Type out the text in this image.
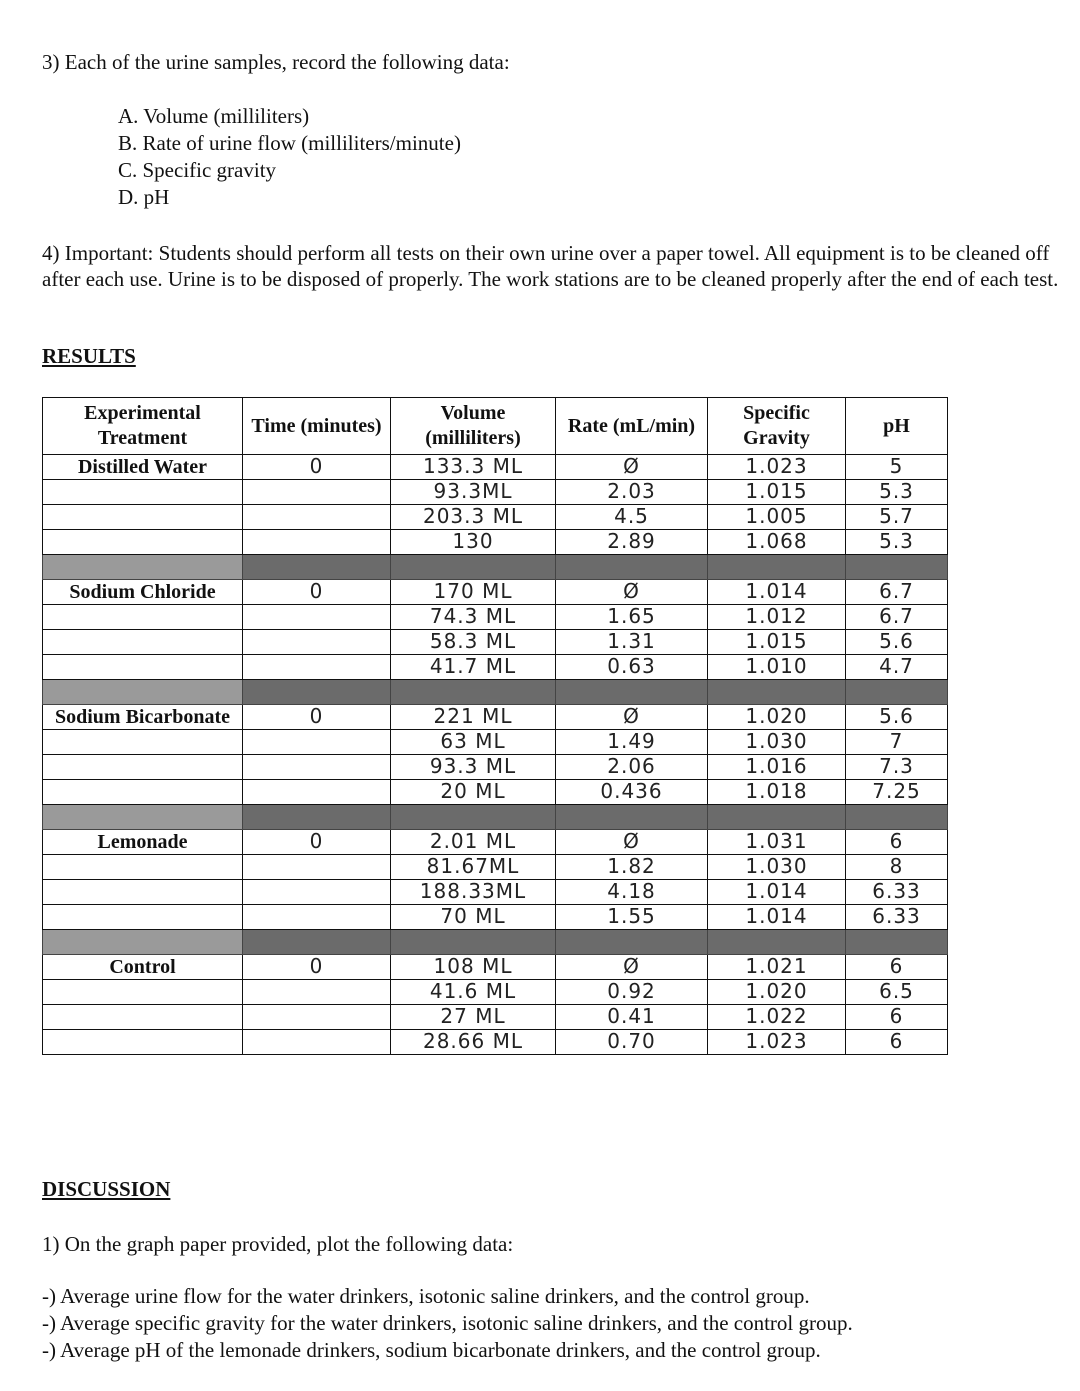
3) Each of the urine samples, record the following data:
A. Volume (milliliters)
B. Rate of urine flow (milliliters/minute)
C. Specific gravity
D. pH
4) Important: Students should perform all tests on their own urine over a paper towel. All equipment is to be cleaned off after each use. Urine is to be disposed of properly. The work stations are to be cleaned properly after the end of each test.
RESULTS
Experimental Treatment	Time (minutes)	Volume (milliliters)	Rate (mL/min)	Specific Gravity	pH
Distilled Water	0	133.3 ML	Ø	1.023	5
		93.3ML	2.03	1.015	5.3
		203.3 ML	4.5	1.005	5.7
		130	2.89	1.068	5.3

Sodium Chloride	0	170 ML	Ø	1.014	6.7
		74.3 ML	1.65	1.012	6.7
		58.3 ML	1.31	1.015	5.6
		41.7 ML	0.63	1.010	4.7

Sodium Bicarbonate	0	221 ML	Ø	1.020	5.6
		63 ML	1.49	1.030	7
		93.3 ML	2.06	1.016	7.3
		20 ML	0.436	1.018	7.25

Lemonade	0	2.01 ML	Ø	1.031	6
		81.67ML	1.82	1.030	8
		188.33ML	4.18	1.014	6.33
		70 ML	1.55	1.014	6.33

Control	0	108 ML	Ø	1.021	6
		41.6 ML	0.92	1.020	6.5
		27 ML	0.41	1.022	6
		28.66 ML	0.70	1.023	6
DISCUSSION
1) On the graph paper provided, plot the following data:
-) Average urine flow for the water drinkers, isotonic saline drinkers, and the control group.
-) Average specific gravity for the water drinkers, isotonic saline drinkers, and the control group.
-) Average pH of the lemonade drinkers, sodium bicarbonate drinkers, and the control group.
